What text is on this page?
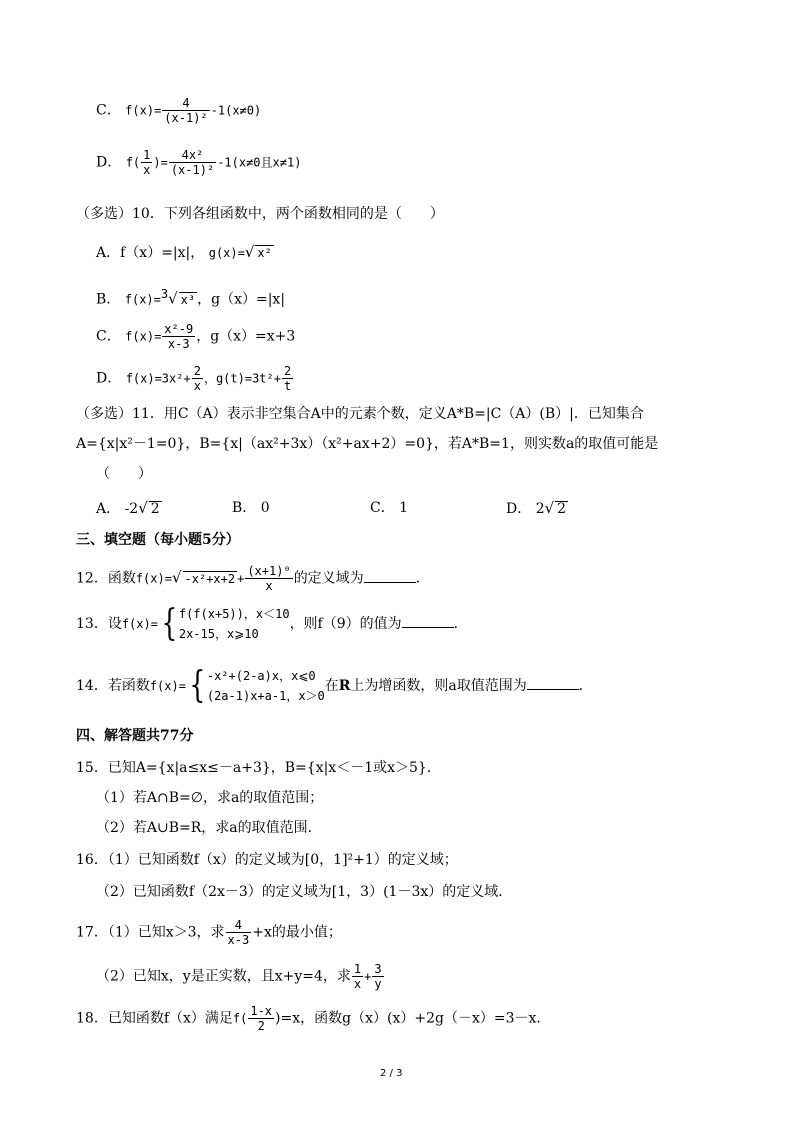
C． $f(x)= \frac{4}{\text{(x-1)²}} -1(x\ne 0)$
D． $f( \frac{1}{x}$ )= $\frac{\text{4x²}}{\text{(x-1)²}} -1(x\ne 0$且x≠1)
（多选）10．下列各组函数中，两个函数相同的是（　　）
A．f（x）=|x|， g(x)=√ x²
B． f(x)=$^3$√ x³ ，g（x）=|x|
C． $f(x)= \frac{\text{x²-9}}{x-3}$ ，g（x）=x+3
D． $f(x)=3x^2+ \frac{2}{x}$ ，$g(t)=3t^2+ \frac{2}{t}$
（多选）11．用C（A）表示非空集合A中的元素个数，定义A*B=|C（A）(B）|．已知集合
A={x|x²－1=0}，B={x|（ax²+3x）（x²+ax+2）=0}，若A*B=1，则实数a的取值可能是
（　　）
A． -2√ 2	B． 0	C． 1	D． 2√ 2
三、填空题（每小题5分）
12．函数f(x)=√ $-x^2+x+2 + \frac{\text{(x+1)⁰}}{x}$ 的定义域为	．
13．设f(x)={ f(f(x+5))，x＜10
2x-15，x⩾10
，则f（9）的值为	．
14．若函数f(x)={ -x²+(2-a)x，x⩽0
(2a-1)x+a-1，x＞0
在R上为增函数，则a取值范围为	．
四、解答题共77分
15．已知A={x|a≤x≤－a+3}，B={x|x＜－1或x＞5}．
（1）若A∩B=∅，求a的取值范围；
（2）若A∪B=R，求a的取值范围．
16．（1）已知函数f（x）的定义域为[0，1]²+1）的定义域；
（2）已知函数f（2x－3）的定义域为[1，3）(1－3x）的定义域．
17．（1）已知x＞3，求 $\frac{4}{x-3} +x$的最小值；
（2）已知x，y是正实数，且x+y=4，求 $\frac{1}{x} + \frac{3}{y}$
18．已知函数f（x）满足$f( \frac{1-x}{2} )=x$，函数g（x）(x）+2g（－x）=3－x．
2 / 3
